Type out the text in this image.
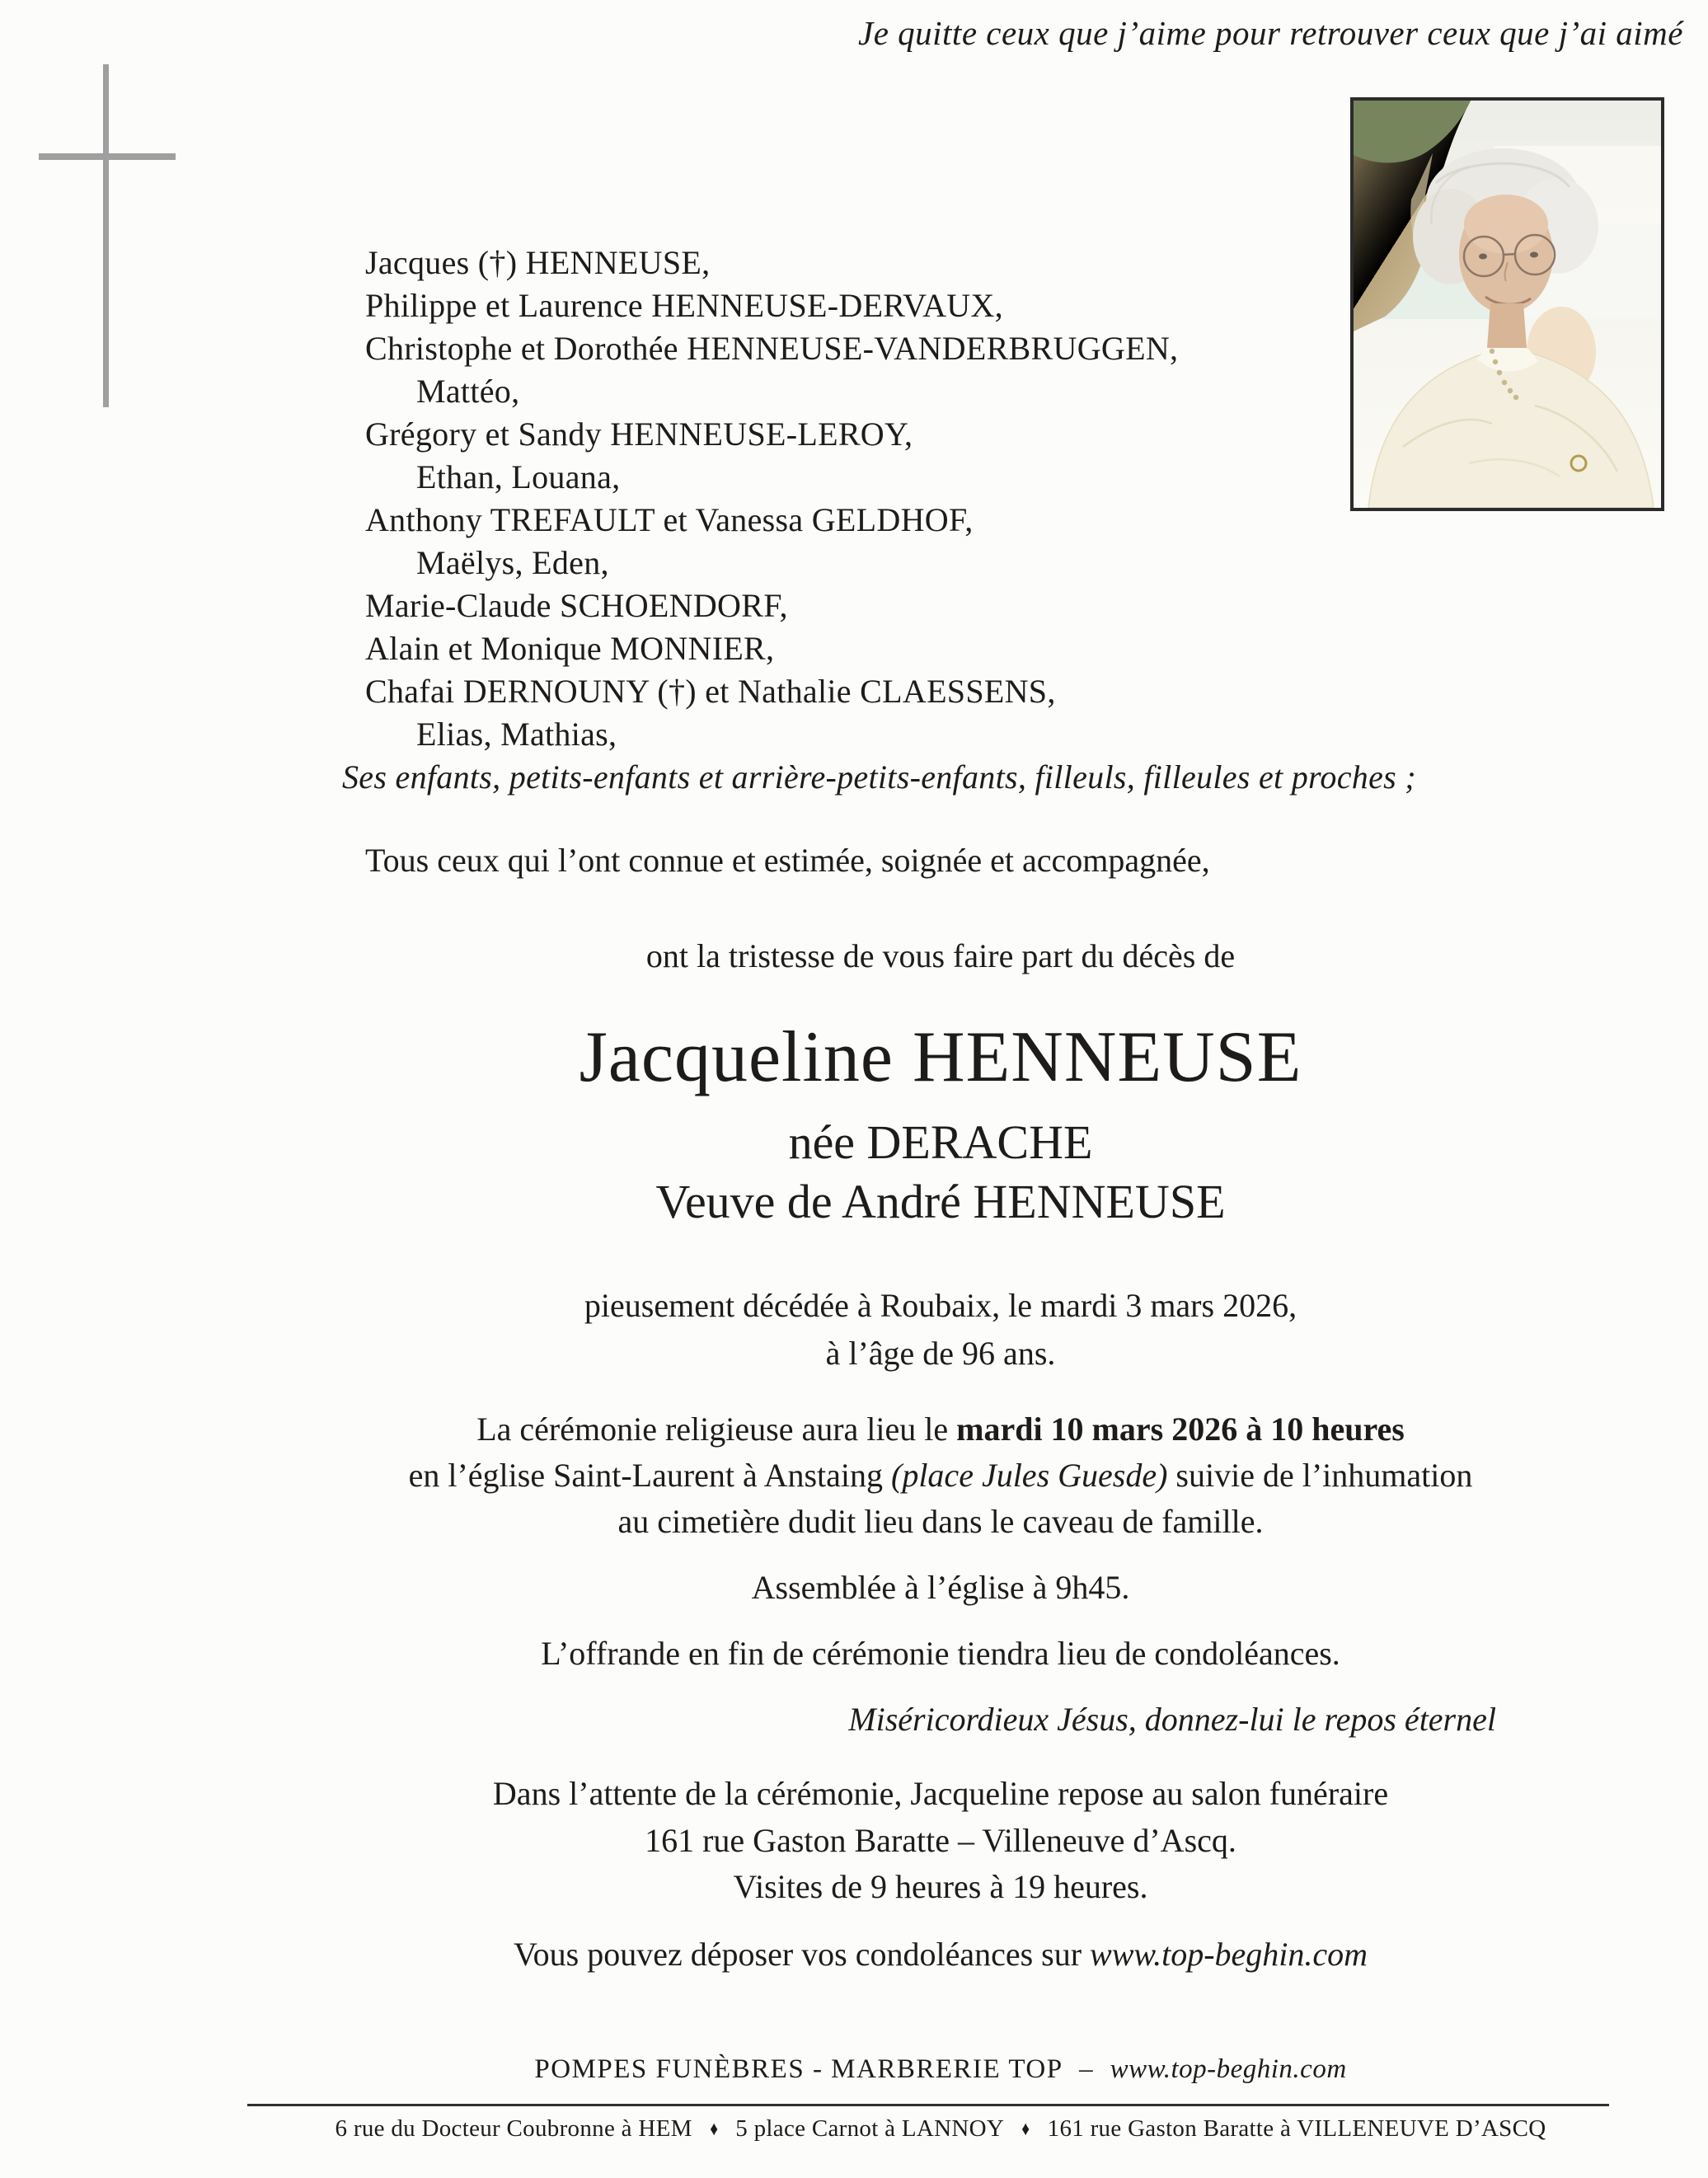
Je quitte ceux que j’aime pour retrouver ceux que j’ai aimé
Jacques (†) HENNEUSE,
Philippe et Laurence HENNEUSE-DERVAUX,
Christophe et Dorothée HENNEUSE-VANDERBRUGGEN,
Mattéo,
Grégory et Sandy HENNEUSE-LEROY,
Ethan, Louana,
Anthony TREFAULT et Vanessa GELDHOF,
Maëlys, Eden,
Marie-Claude SCHOENDORF,
Alain et Monique MONNIER,
Chafai DERNOUNY (†) et Nathalie CLAESSENS,
Elias, Mathias,
Ses enfants, petits-enfants et arrière-petits-enfants, filleuls, filleules et proches ;
Tous ceux qui l’ont connue et estimée, soignée et accompagnée,
ont la tristesse de vous faire part du décès de
Jacqueline HENNEUSE
née DERACHE
Veuve de André HENNEUSE
pieusement décédée à Roubaix, le mardi 3 mars 2026,
à l’âge de 96 ans.
La cérémonie religieuse aura lieu le mardi 10 mars 2026 à 10 heures
en l’église Saint-Laurent à Anstaing (place Jules Guesde) suivie de l’inhumation
au cimetière dudit lieu dans le caveau de famille.
Assemblée à l’église à 9h45.
L’offrande en fin de cérémonie tiendra lieu de condoléances.
Miséricordieux Jésus, donnez-lui le repos éternel
Dans l’attente de la cérémonie, Jacqueline repose au salon funéraire
161 rue Gaston Baratte – Villeneuve d’Ascq.
Visites de 9 heures à 19 heures.
Vous pouvez déposer vos condoléances sur www.top-beghin.com
POMPES FUNÈBRES - MARBRERIE TOP – www.top-beghin.com
6 rue du Docteur Coubronne à HEM ♦ 5 place Carnot à LANNOY ♦ 161 rue Gaston Baratte à VILLENEUVE D’ASCQ
